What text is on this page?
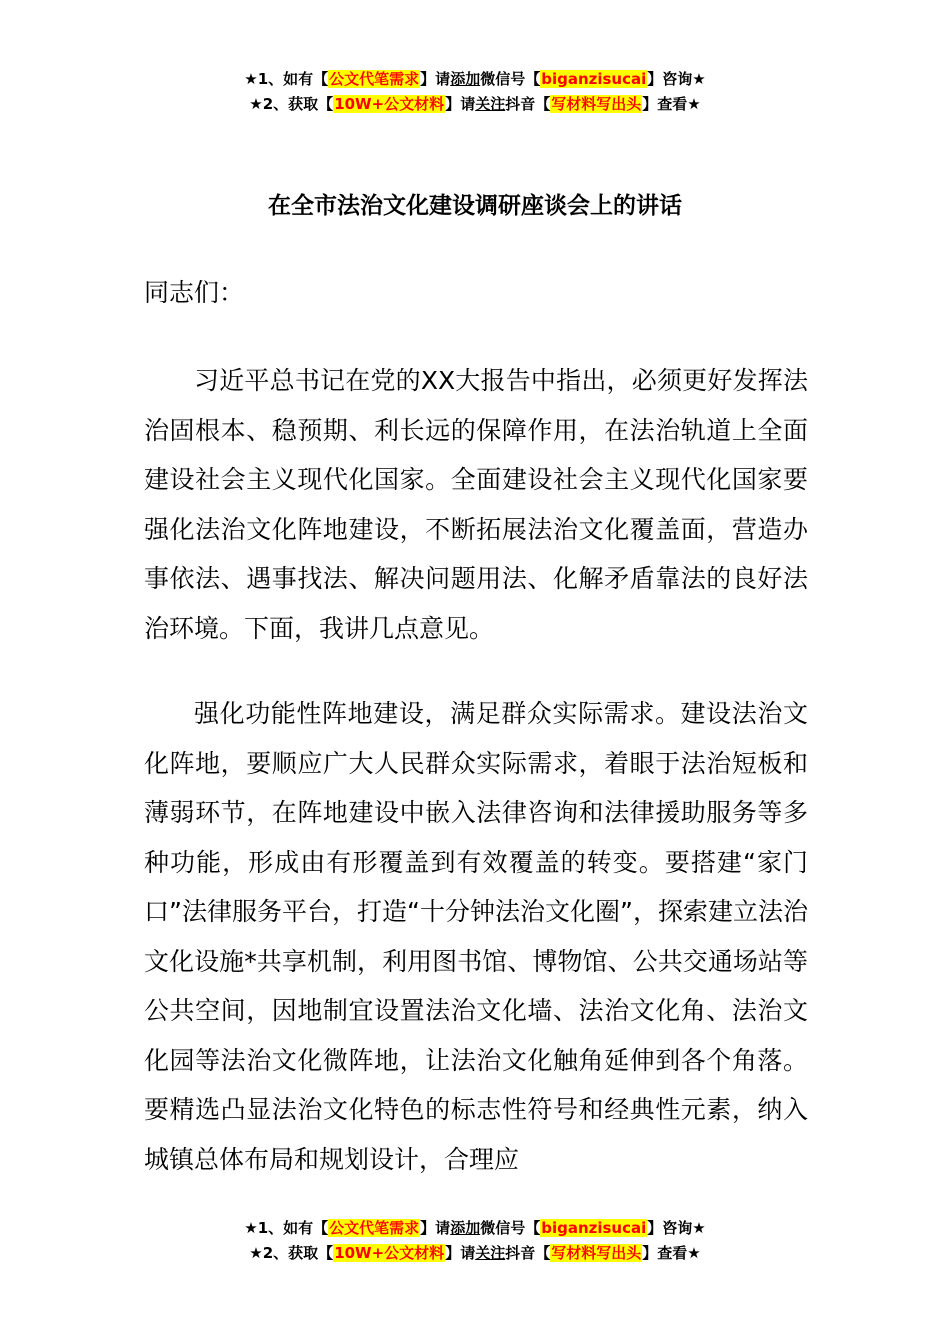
★1、如有【公文代笔需求】请添加微信号【biganzisucai】咨询★
★2、获取【10W+公文材料】请关注抖音【写材料写出头】查看★
在全市法治文化建设调研座谈会上的讲话
同志们：

习近平总书记在党的XX大报告中指出，必须更好发挥法治固根本、稳预期、利长远的保障作用，在法治轨道上全面建设社会主义现代化国家。全面建设社会主义现代化国家要强化法治文化阵地建设，不断拓展法治文化覆盖面，营造办事依法、遇事找法、解决问题用法、化解矛盾靠法的良好法治环境。下面，我讲几点意见。

强化功能性阵地建设，满足群众实际需求。建设法治文化阵地，要顺应广大人民群众实际需求，着眼于法治短板和薄弱环节，在阵地建设中嵌入法律咨询和法律援助服务等多种功能，形成由有形覆盖到有效覆盖的转变。要搭建“家门口”法律服务平台，打造“十分钟法治文化圈”，探索建立法治文化设施*共享机制，利用图书馆、博物馆、公共交通场站等公共空间，因地制宜设置法治文化墙、法治文化角、法治文化园等法治文化微阵地，让法治文化触角延伸到各个角落。要精选凸显法治文化特色的标志性符号和经典性元素，纳入城镇总体布局和规划设计，合理应

★1、如有【公文代笔需求】请添加微信号【biganzisucai】咨询★
★2、获取【10W+公文材料】请关注抖音【写材料写出头】查看★
